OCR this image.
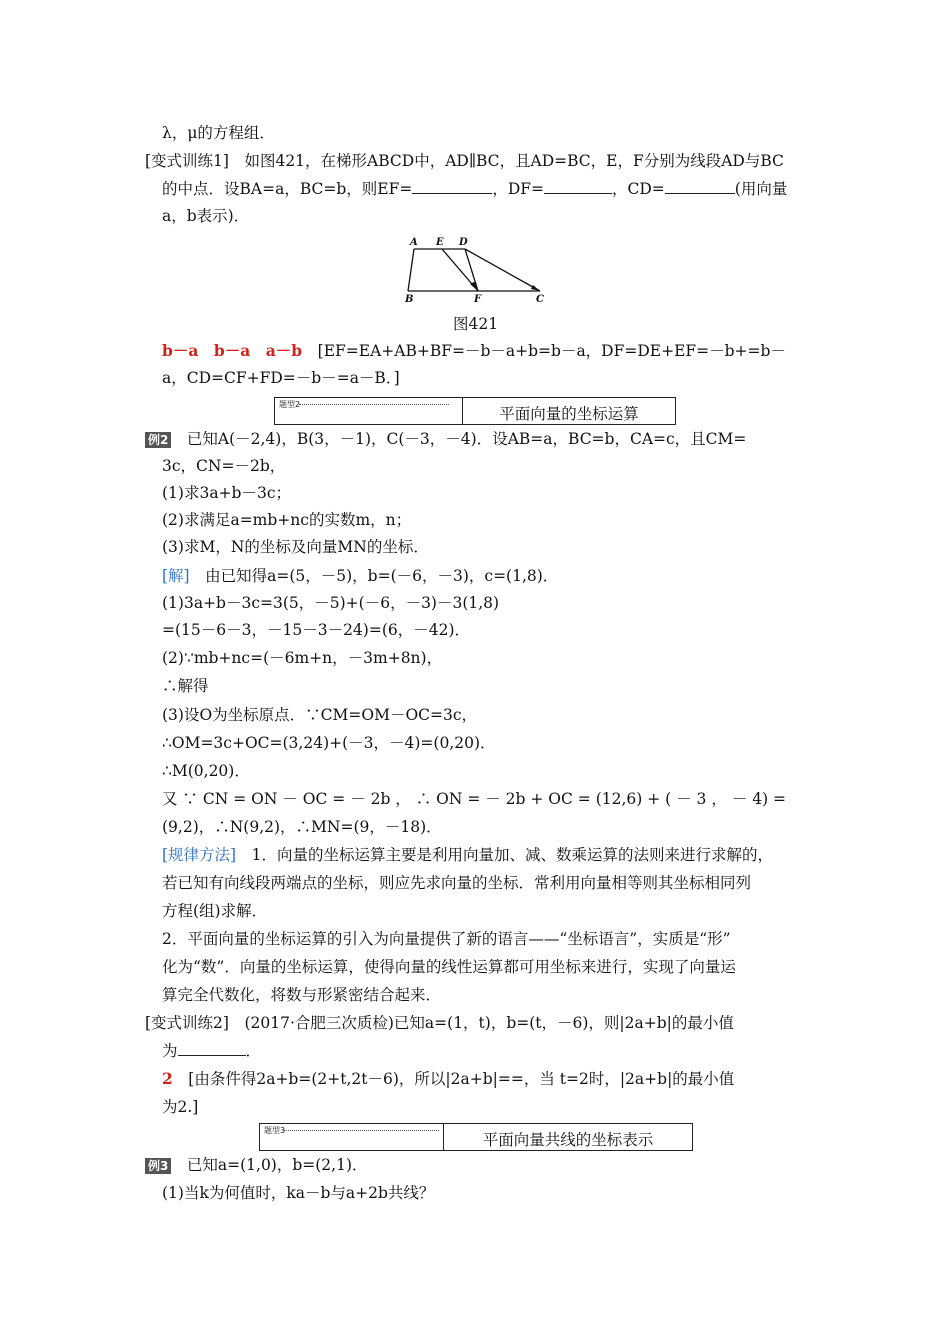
λ，μ的方程组．
[变式训练1]　如图421，在梯形ABCD中，AD∥BC，且AD=BC，E，F分别为线段AD与BC
的中点．设BA=a，BC=b，则EF=	，DF=	，CD=	(用向量
a，b表示)．
A E D
B	F	C
图421
b－a　b－a　a－b　[EF=EA+AB+BF=－b－a+b=b－a，DF=DE+EF=－b+=b－
a，CD=CF+FD=－b－=a－B．]
题型2
平面向量的坐标运算
例2　 已知A(－2,4)，B(3，－1)，C(－3，－4)．设AB=a，BC=b，CA=c，且CM=
3c，CN=－2b，
(1)求3a+b－3c；
(2)求满足a=mb+nc的实数m，n；
(3)求M，N的坐标及向量MN的坐标．
[解]　由已知得a=(5，－5)，b=(－6，－3)，c=(1,8)．
(1)3a+b－3c=3(5，－5)+(－6，－3)－3(1,8)
=(15－6－3，－15－3－24)=(6，－42)．
(2)∵mb+nc=(－6m+n，－3m+8n)，
∴解得
(3)设O为坐标原点．∵CM=OM－OC=3c，
∴OM=3c+OC=(3,24)+(－3，－4)=(0,20)．
∴M(0,20)．
又 ∵ CN = ON － OC = － 2b ， ∴ ON = － 2b + OC = (12,6) + ( － 3 ， － 4) =
(9,2)，∴N(9,2)，∴MN=(9，－18)．
[规律方法]　1．向量的坐标运算主要是利用向量加、减、数乘运算的法则来进行求解的，
若已知有向线段两端点的坐标，则应先求向量的坐标．常利用向量相等则其坐标相同列
方程(组)求解．
2．平面向量的坐标运算的引入为向量提供了新的语言——“坐标语言”，实质是“形”
化为“数”．向量的坐标运算，使得向量的线性运算都可用坐标来进行，实现了向量运
算完全代数化，将数与形紧密结合起来．
[变式训练2]　(2017·合肥三次质检)已知a=(1，t)，b=(t，－6)，则|2a+b|的最小值
为	．
2　[由条件得2a+b=(2+t,2t－6)，所以|2a+b|==，当 t=2时，|2a+b|的最小值
为2.]
题型3
平面向量共线的坐标表示
例3　 已知a=(1,0)，b=(2,1)．
(1)当k为何值时，ka－b与a+2b共线？
